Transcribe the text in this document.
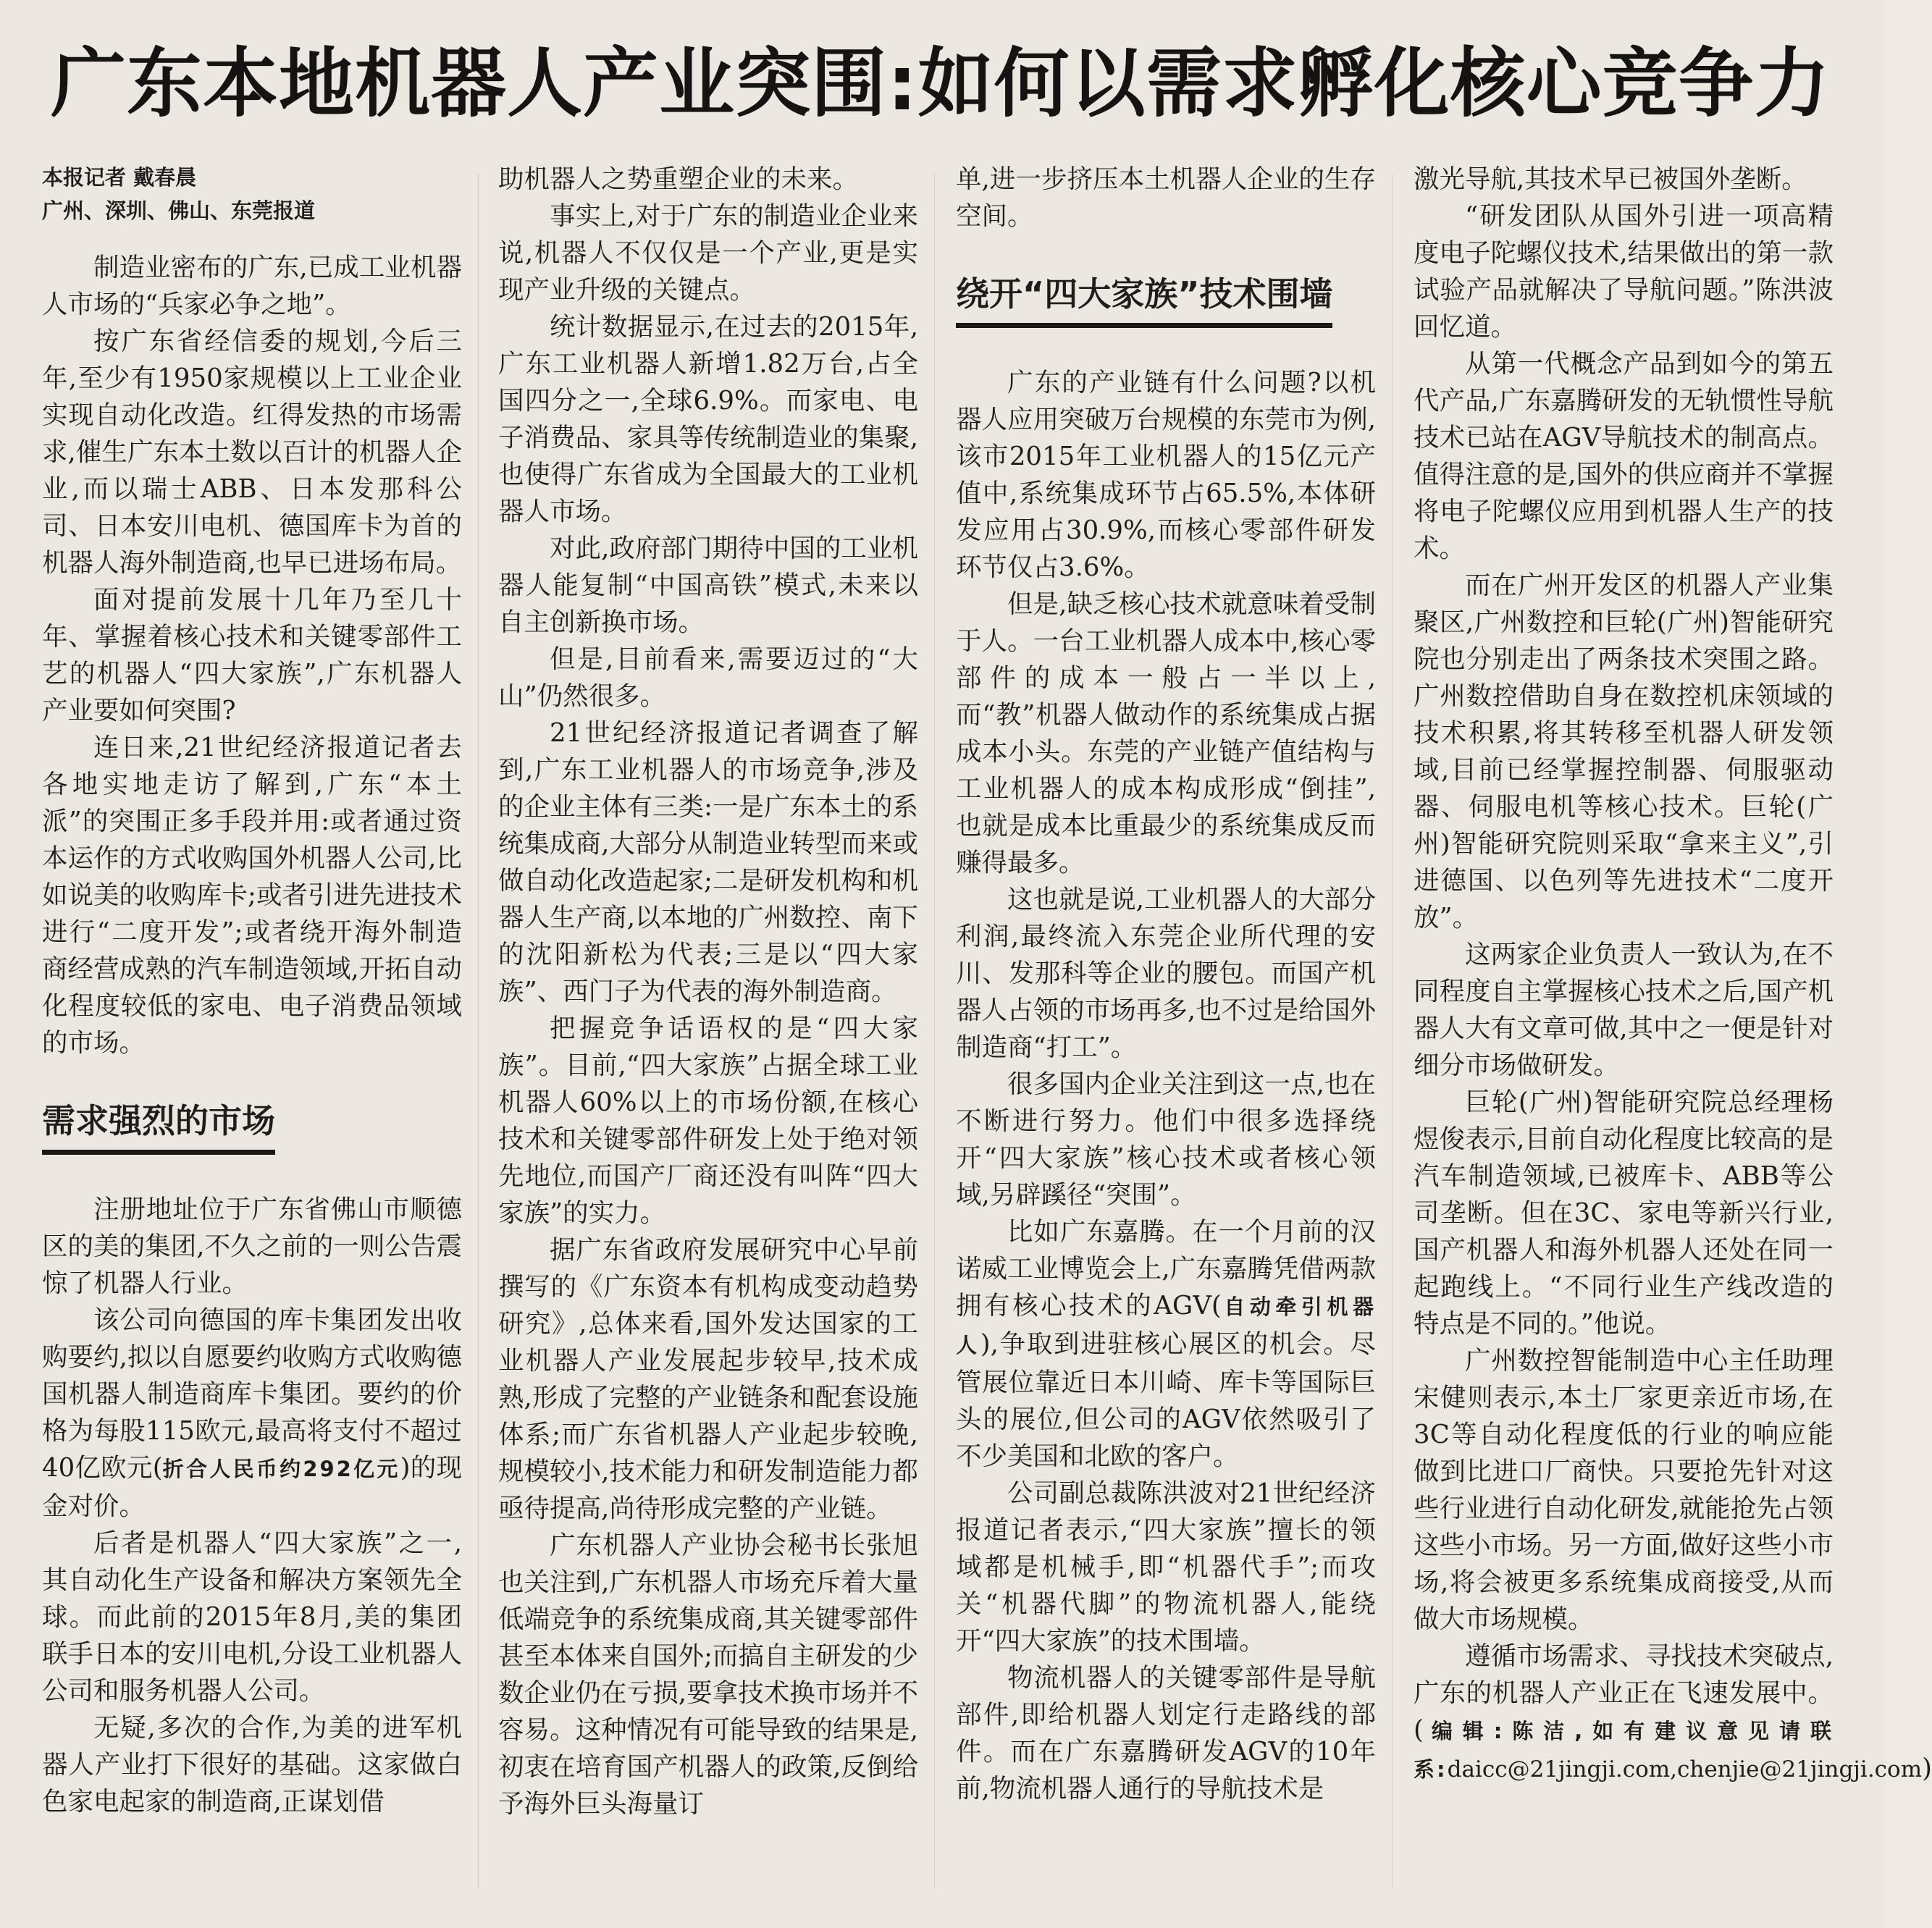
广东本地机器人产业突围:如何以需求孵化核心竞争力
本报记者 戴春晨
广州、深圳、佛山、东莞报道

制造业密布的广东,已成工业机器人市场的“兵家必争之地”。

按广东省经信委的规划,今后三年,至少有1950家规模以上工业企业实现自动化改造。红得发热的市场需求,催生广东本土数以百计的机器人企业,而以瑞士ABB、日本发那科公司、日本安川电机、德国库卡为首的机器人海外制造商,也早已进场布局。

面对提前发展十几年乃至几十年、掌握着核心技术和关键零部件工艺的机器人“四大家族”,广东机器人产业要如何突围?

连日来,21世纪经济报道记者去各地实地走访了解到,广东“本土派”的突围正多手段并用:或者通过资本运作的方式收购国外机器人公司,比如说美的收购库卡;或者引进先进技术进行“二度开发”;或者绕开海外制造商经营成熟的汽车制造领域,开拓自动化程度较低的家电、电子消费品领域的市场。

需求强烈的市场

注册地址位于广东省佛山市顺德区的美的集团,不久之前的一则公告震惊了机器人行业。

该公司向德国的库卡集团发出收购要约,拟以自愿要约收购方式收购德国机器人制造商库卡集团。要约的价格为每股115欧元,最高将支付不超过40亿欧元(折合人民币约292亿元)的现金对价。

后者是机器人“四大家族”之一,其自动化生产设备和解决方案领先全球。而此前的2015年8月,美的集团联手日本的安川电机,分设工业机器人公司和服务机器人公司。

无疑,多次的合作,为美的进军机器人产业打下很好的基础。这家做白色家电起家的制造商,正谋划借

助机器人之势重塑企业的未来。

事实上,对于广东的制造业企业来说,机器人不仅仅是一个产业,更是实现产业升级的关键点。

统计数据显示,在过去的2015年,广东工业机器人新增1.82万台,占全国四分之一,全球6.9%。而家电、电子消费品、家具等传统制造业的集聚,也使得广东省成为全国最大的工业机器人市场。

对此,政府部门期待中国的工业机器人能复制“中国高铁”模式,未来以自主创新换市场。

但是,目前看来,需要迈过的“大山”仍然很多。

21世纪经济报道记者调查了解到,广东工业机器人的市场竞争,涉及的企业主体有三类:一是广东本土的系统集成商,大部分从制造业转型而来或做自动化改造起家;二是研发机构和机器人生产商,以本地的广州数控、南下的沈阳新松为代表;三是以“四大家族”、西门子为代表的海外制造商。

把握竞争话语权的是“四大家族”。目前,“四大家族”占据全球工业机器人60%以上的市场份额,在核心技术和关键零部件研发上处于绝对领先地位,而国产厂商还没有叫阵“四大家族”的实力。

据广东省政府发展研究中心早前撰写的《广东资本有机构成变动趋势研究》,总体来看,国外发达国家的工业机器人产业发展起步较早,技术成熟,形成了完整的产业链条和配套设施体系;而广东省机器人产业起步较晚,规模较小,技术能力和研发制造能力都亟待提高,尚待形成完整的产业链。

广东机器人产业协会秘书长张旭也关注到,广东机器人市场充斥着大量低端竞争的系统集成商,其关键零部件甚至本体来自国外;而搞自主研发的少数企业仍在亏损,要拿技术换市场并不容易。这种情况有可能导致的结果是,初衷在培育国产机器人的政策,反倒给予海外巨头海量订

单,进一步挤压本土机器人企业的生存空间。

绕开“四大家族”技术围墙

广东的产业链有什么问题?以机器人应用突破万台规模的东莞市为例,该市2015年工业机器人的15亿元产值中,系统集成环节占65.5%,本体研发应用占30.9%,而核心零部件研发环节仅占3.6%。

但是,缺乏核心技术就意味着受制于人。一台工业机器人成本中,核心零部件的成本一般占一半以上,而“教”机器人做动作的系统集成占据成本小头。东莞的产业链产值结构与工业机器人的成本构成形成“倒挂”,也就是成本比重最少的系统集成反而赚得最多。

这也就是说,工业机器人的大部分利润,最终流入东莞企业所代理的安川、发那科等企业的腰包。而国产机器人占领的市场再多,也不过是给国外制造商“打工”。

很多国内企业关注到这一点,也在不断进行努力。他们中很多选择绕开“四大家族”核心技术或者核心领域,另辟蹊径“突围”。

比如广东嘉腾。在一个月前的汉诺威工业博览会上,广东嘉腾凭借两款拥有核心技术的AGV(自动牵引机器人),争取到进驻核心展区的机会。尽管展位靠近日本川崎、库卡等国际巨头的展位,但公司的AGV依然吸引了不少美国和北欧的客户。

公司副总裁陈洪波对21世纪经济报道记者表示,“四大家族”擅长的领域都是机械手,即“机器代手”;而攻关“机器代脚”的物流机器人,能绕开“四大家族”的技术围墙。

物流机器人的关键零部件是导航部件,即给机器人划定行走路线的部件。而在广东嘉腾研发AGV的10年前,物流机器人通行的导航技术是

激光导航,其技术早已被国外垄断。

“研发团队从国外引进一项高精度电子陀螺仪技术,结果做出的第一款试验产品就解决了导航问题。”陈洪波回忆道。

从第一代概念产品到如今的第五代产品,广东嘉腾研发的无轨惯性导航技术已站在AGV导航技术的制高点。值得注意的是,国外的供应商并不掌握将电子陀螺仪应用到机器人生产的技术。

而在广州开发区的机器人产业集聚区,广州数控和巨轮(广州)智能研究院也分别走出了两条技术突围之路。广州数控借助自身在数控机床领域的技术积累,将其转移至机器人研发领域,目前已经掌握控制器、伺服驱动器、伺服电机等核心技术。巨轮(广州)智能研究院则采取“拿来主义”,引进德国、以色列等先进技术“二度开放”。

这两家企业负责人一致认为,在不同程度自主掌握核心技术之后,国产机器人大有文章可做,其中之一便是针对细分市场做研发。

巨轮(广州)智能研究院总经理杨煜俊表示,目前自动化程度比较高的是汽车制造领域,已被库卡、ABB等公司垄断。但在3C、家电等新兴行业,国产机器人和海外机器人还处在同一起跑线上。“不同行业生产线改造的特点是不同的。”他说。

广州数控智能制造中心主任助理宋健则表示,本土厂家更亲近市场,在3C等自动化程度低的行业的响应能做到比进口厂商快。只要抢先针对这些行业进行自动化研发,就能抢先占领这些小市场。另一方面,做好这些小市场,将会被更多系统集成商接受,从而做大市场规模。

遵循市场需求、寻找技术突破点,广东的机器人产业正在飞速发展中。(编辑:陈洁,如有建议意见请联系:daicc@21jingji.com,chenjie@21jingji.com)
